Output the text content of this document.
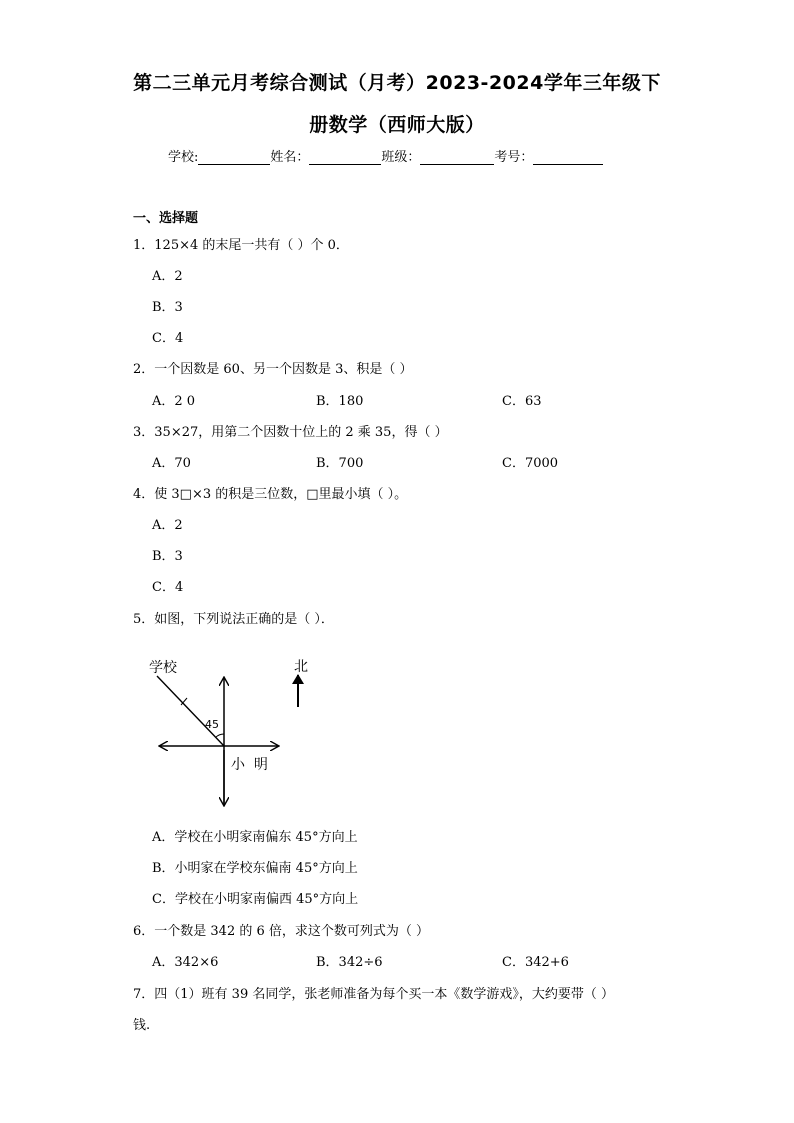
第二三单元月考综合测试（月考）2023-2024学年三年级下
册数学（西师大版）
学校:	姓名：	班级：	考号：
一、选择题
1．125×4 的末尾一共有（ ）个 0．
A．2
B．3
C．4
2．一个因数是 60、另一个因数是 3、积是（ ）
A．2 0	B．180	C．63
3．35×27，用第二个因数十位上的 2 乘 35，得（ ）
A．70	B．700	C．7000
4．使 3□×3 的积是三位数，□里最小填（ ）。
A．2
B．3
C．4
5．如图，下列说法正确的是（ ）．
45
学校
小  明
北
A．学校在小明家南偏东 45°方向上
B．小明家在学校东偏南 45°方向上
C．学校在小明家南偏西 45°方向上
6．一个数是 342 的 6 倍，求这个数可列式为（ ）
A．342×6	B．342÷6	C．342+6
7．四（1）班有 39 名同学，张老师准备为每个买一本《数学游戏》，大约要带（ ）
钱.
